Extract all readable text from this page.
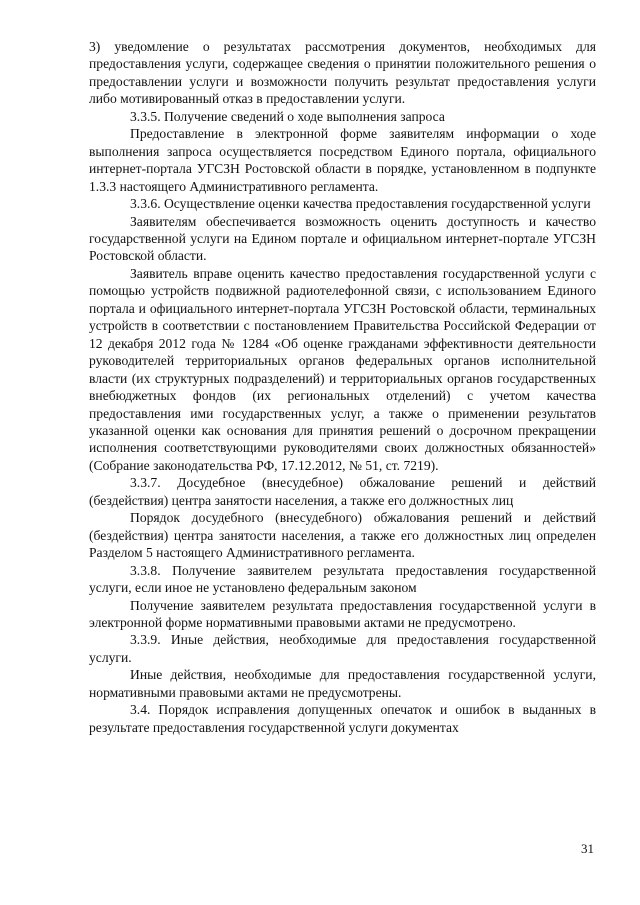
3) уведомление о результатах рассмотрения документов, необходимых для предоставления услуги, содержащее сведения о принятии положительного решения о предоставлении услуги и возможности получить результат предоставления услуги либо мотивированный отказ в предоставлении услуги.

3.3.5. Получение сведений о ходе выполнения запроса

Предоставление в электронной форме заявителям информации о ходе выполнения запроса осуществляется посредством Единого портала, официального интернет-портала УГСЗН Ростовской области в порядке, установленном в подпункте 1.3.3 настоящего Административного регламента.

3.3.6. Осуществление оценки качества предоставления государственной услуги

Заявителям обеспечивается возможность оценить доступность и качество государственной услуги на Едином портале и официальном интернет-портале УГСЗН Ростовской области.

Заявитель вправе оценить качество предоставления государственной услуги с помощью устройств подвижной радиотелефонной связи, с использованием Единого портала и официального интернет-портала УГСЗН Ростовской области, терминальных устройств в соответствии с постановлением Правительства Российской Федерации от 12 декабря 2012 года № 1284 «Об оценке гражданами эффективности деятельности руководителей территориальных органов федеральных органов исполнительной власти (их структурных подразделений) и территориальных органов государственных внебюджетных фондов (их региональных отделений) с учетом качества предоставления ими государственных услуг, а также о применении результатов указанной оценки как основания для принятия решений о досрочном прекращении исполнения соответствующими руководителями своих должностных обязанностей» (Собрание законодательства РФ, 17.12.2012, № 51, ст. 7219).

3.3.7. Досудебное (внесудебное) обжалование решений и действий (бездействия) центра занятости населения, а также его должностных лиц

Порядок досудебного (внесудебного) обжалования решений и действий (бездействия) центра занятости населения, а также его должностных лиц определен Разделом 5 настоящего Административного регламента.

3.3.8. Получение заявителем результата предоставления государственной услуги, если иное не установлено федеральным законом

Получение заявителем результата предоставления государственной услуги в электронной форме нормативными правовыми актами не предусмотрено.

3.3.9. Иные действия, необходимые для предоставления государственной услуги.

Иные действия, необходимые для предоставления государственной услуги, нормативными правовыми актами не предусмотрены.

3.4. Порядок исправления допущенных опечаток и ошибок в выданных в результате предоставления государственной услуги документах

31
